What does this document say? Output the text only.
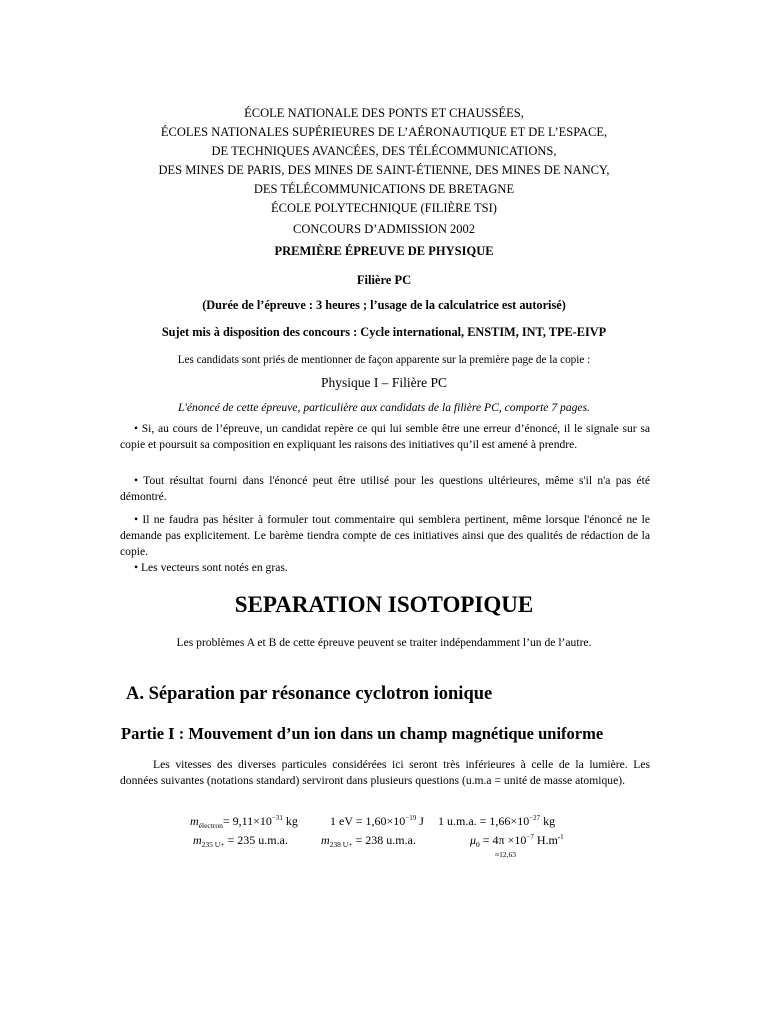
ÉCOLE NATIONALE DES PONTS ET CHAUSSÉES,
ÉCOLES NATIONALES SUPÉRIEURES DE L’AÉRONAUTIQUE ET DE L’ESPACE,
DE TECHNIQUES AVANCÉES, DES TÉLÉCOMMUNICATIONS,
DES MINES DE PARIS, DES MINES DE SAINT-ÉTIENNE, DES MINES DE NANCY,
DES TÉLÉCOMMUNICATIONS DE BRETAGNE
ÉCOLE POLYTECHNIQUE (FILIÈRE TSI)
CONCOURS D’ADMISSION 2002
PREMIÈRE ÉPREUVE DE PHYSIQUE
Filière PC
(Durée de l’épreuve : 3 heures ; l’usage de la calculatrice est autorisé)
Sujet mis à disposition des concours : Cycle international, ENSTIM, INT, TPE-EIVP
Les candidats sont priés de mentionner de façon apparente sur la première page de la copie :
Physique I – Filière PC
L'énoncé de cette épreuve, particulière aux candidats de la filière PC, comporte 7 pages.
• Si, au cours de l’épreuve, un candidat repère ce qui lui semble être une erreur d’énoncé, il le signale sur sa copie et poursuit sa composition en expliquant les raisons des initiatives qu’il est amené à prendre.
• Tout résultat fourni dans l'énoncé peut être utilisé pour les questions ultérieures, même s'il n'a pas été démontré.
• Il ne faudra pas hésiter à formuler tout commentaire qui semblera pertinent, même lorsque l'énoncé ne le demande pas explicitement. Le barème tiendra compte de ces initiatives ainsi que des qualités de rédaction de la copie.
• Les vecteurs sont notés en gras.
SEPARATION ISOTOPIQUE
Les problèmes A et B de cette épreuve peuvent se traiter indépendamment l’un de l’autre.
A. Séparation par résonance cyclotron ionique
Partie I : Mouvement d’un ion dans un champ magnétique uniforme
Les vitesses des diverses particules considérées ici seront très inférieures à celle de la lumière. Les données suivantes (notations standard) serviront dans plusieurs questions (u.m.a = unité de masse atomique).
$m_{électron}= 9,11\times 10^{-31}$ kg	1 eV = $1,60\times 10^{-19}$ J 1 u.m.a. = $1,66\times 10^{-27}$ kg
$m_{235 U+} = 235$ u.m.a.	$m_{238 U+} = 238$ u.m.a.	$\mu_0 = 4\pi \times 10^{-7}$ $H.m^{-1}$
≈12,63
